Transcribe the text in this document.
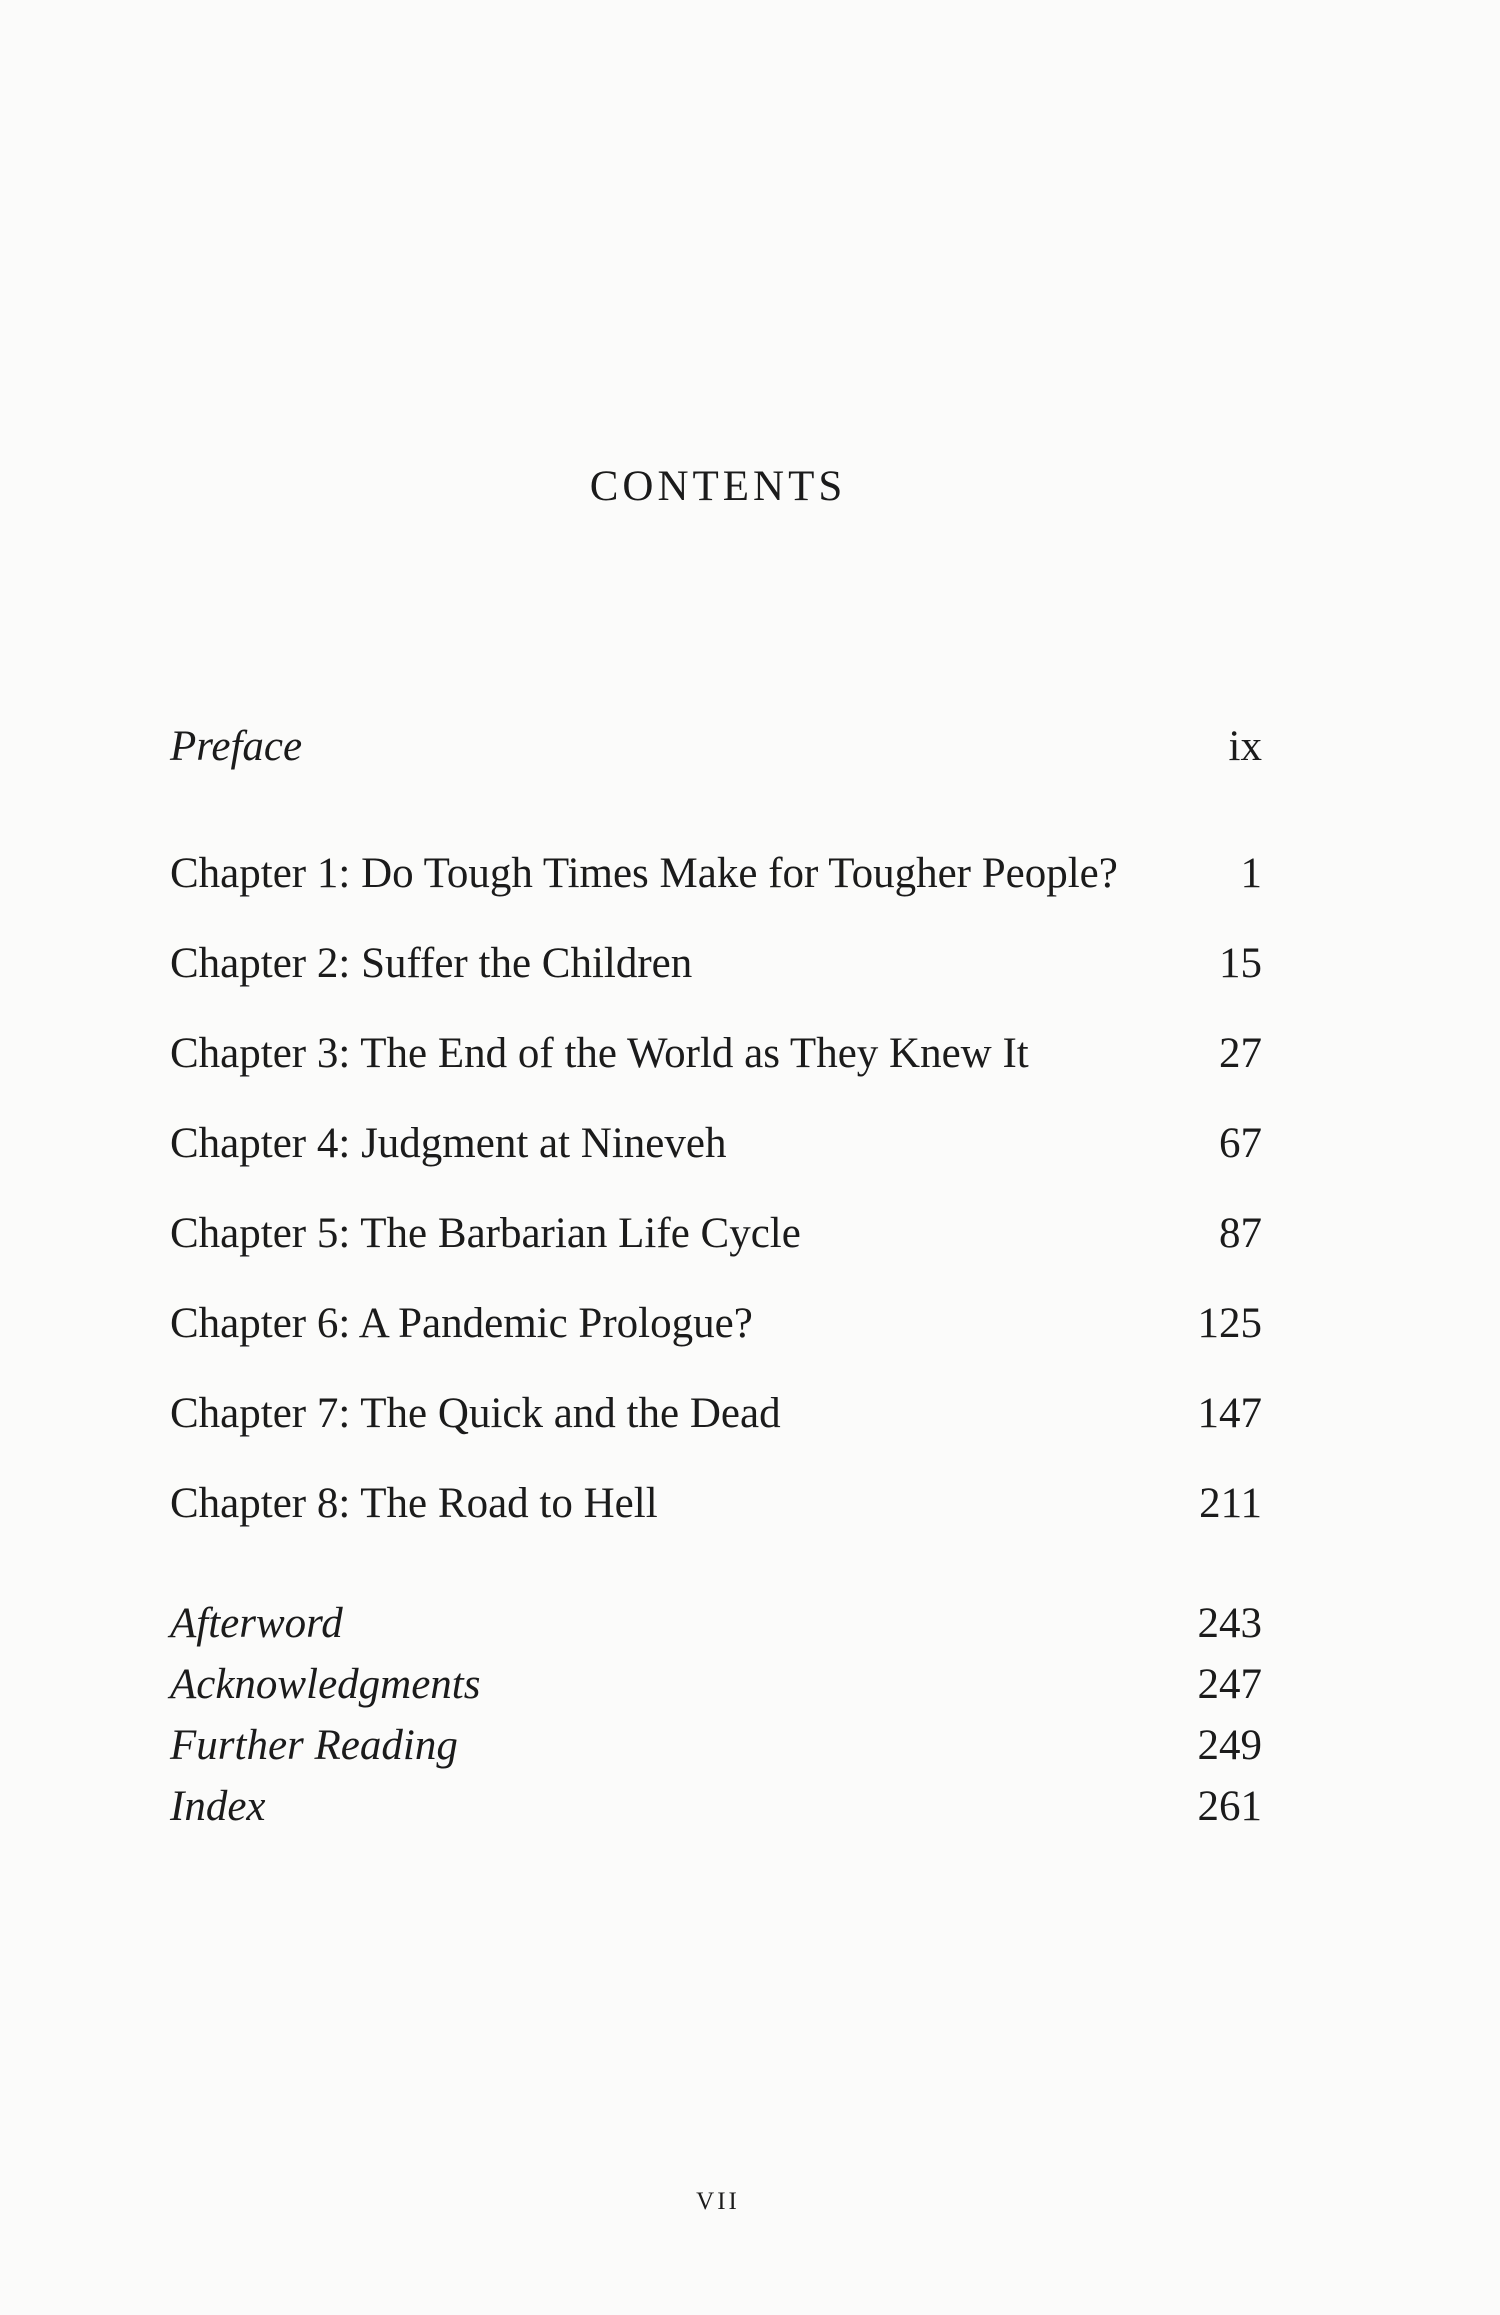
CONTENTS
Preface	ix
Chapter 1: Do Tough Times Make for Tougher People?	1
Chapter 2: Suffer the Children	15
Chapter 3: The End of the World as They Knew It	27
Chapter 4: Judgment at Nineveh	67
Chapter 5: The Barbarian Life Cycle	87
Chapter 6: A Pandemic Prologue?	125
Chapter 7: The Quick and the Dead	147
Chapter 8: The Road to Hell	211
Afterword	243
Acknowledgments	247
Further Reading	249
Index	261
VII
